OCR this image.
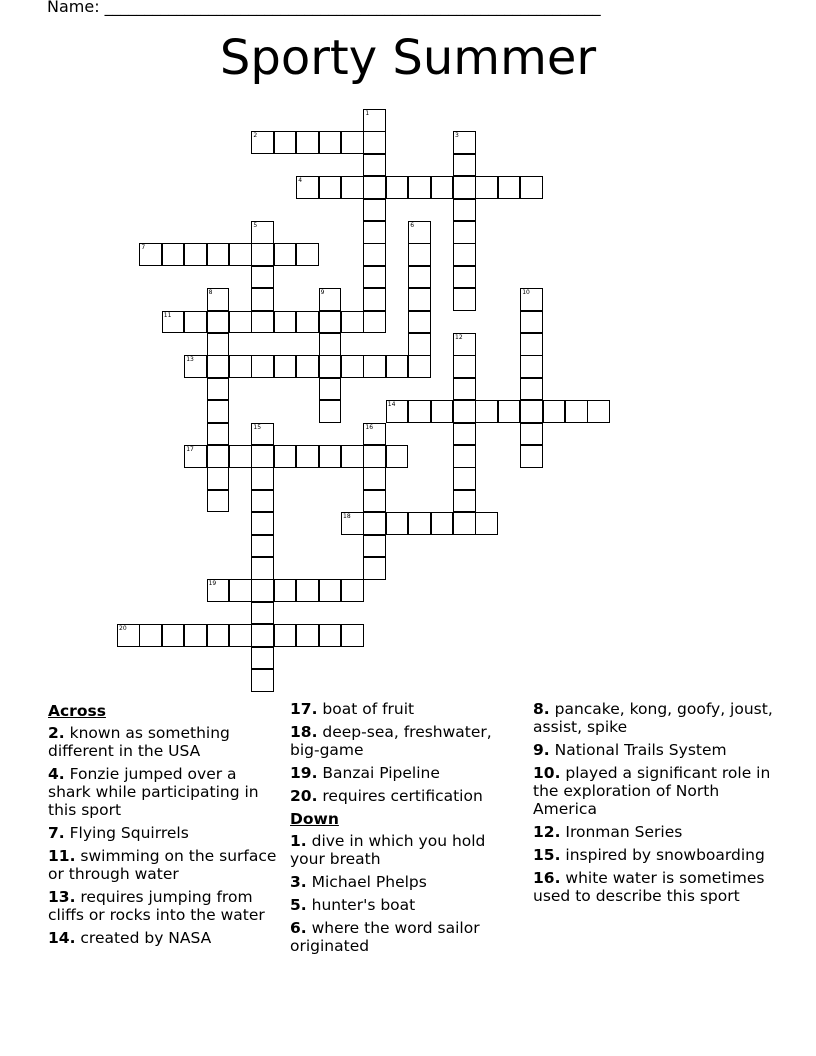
Name: ______________________________________________________________
Sporty Summer
2
4
7
11
13
14
17
18
19
20
1
3
5	6
8	9	10
12
15	16
Across
2. known as something different in the USA
4. Fonzie jumped over a shark while participating in this sport
7. Flying Squirrels
11. swimming on the surface or through water
13. requires jumping from cliffs or rocks into the water
14. created by NASA
17. boat of fruit
18. deep-sea, freshwater, big-game
19. Banzai Pipeline
20. requires certification
Down
1. dive in which you hold your breath
3. Michael Phelps
5. hunter's boat
6. where the word sailor originated
8. pancake, kong, goofy, joust, assist, spike
9. National Trails System
10. played a significant role in the exploration of North America
12. Ironman Series
15. inspired by snowboarding
16. white water is sometimes used to describe this sport
